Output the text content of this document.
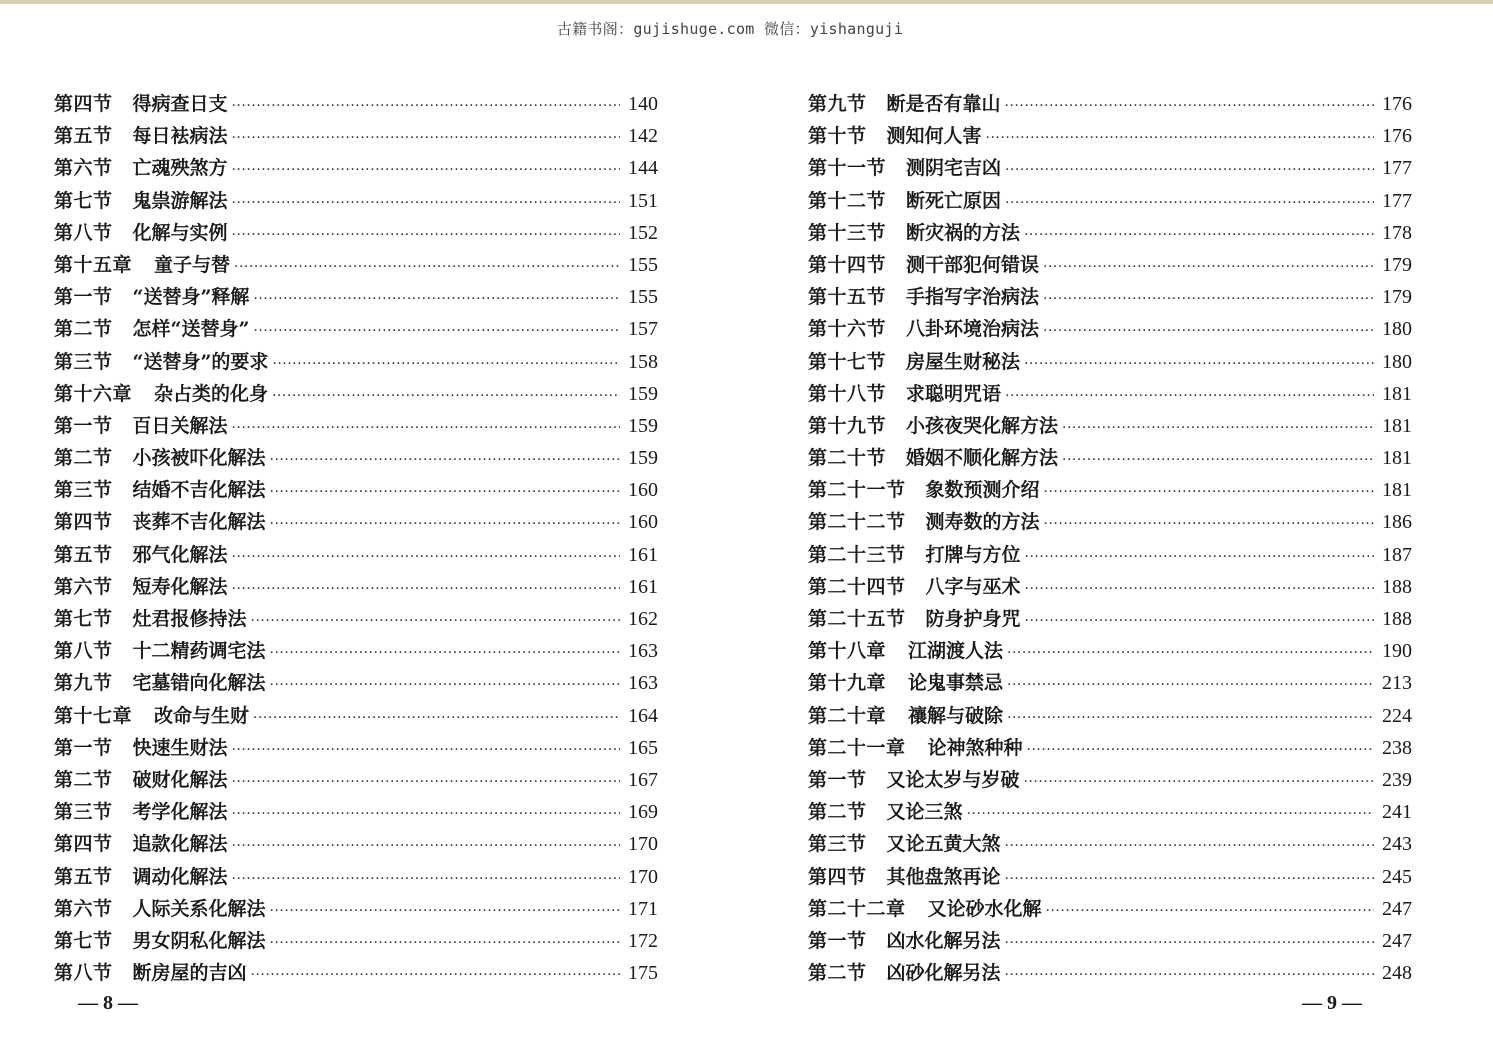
古籍书阁：gujishuge.com 微信：yishanguji
第四节 得病查日支 ·····	140
第五节 每日袪病法 ·····	142
第六节 亡魂殃煞方 ·····	144
第七节 鬼祟游解法 ·····	151
第八节 化解与实例 ·····	152
第十五章 童子与替 ·····	155
第一节 “送替身”释解 ·····	155
第二节 怎样“送替身” ·····	157
第三节 “送替身”的要求 ·····	158
第十六章 杂占类的化身 ·····	159
第一节 百日关解法 ·····	159
第二节 小孩被吓化解法 ·····	159
第三节 结婚不吉化解法 ·····	160
第四节 丧葬不吉化解法 ·····	160
第五节 邪气化解法 ·····	161
第六节 短寿化解法 ·····	161
第七节 灶君报修持法 ·····	162
第八节 十二精药调宅法 ·····	163
第九节 宅墓错向化解法 ·····	163
第十七章 改命与生财 ·····	164
第一节 快速生财法 ·····	165
第二节 破财化解法 ·····	167
第三节 考学化解法 ·····	169
第四节 追款化解法 ·····	170
第五节 调动化解法 ·····	170
第六节 人际关系化解法 ·····	171
第七节 男女阴私化解法 ·····	172
第八节 断房屋的吉凶 ·····	175
第九节 断是否有靠山 ·····	176
第十节 测知何人害 ·····	176
第十一节 测阴宅吉凶 ·····	177
第十二节 断死亡原因 ·····	177
第十三节 断灾祸的方法 ·····	178
第十四节 测干部犯何错误 ·····	179
第十五节 手指写字治病法 ·····	179
第十六节 八卦环境治病法 ·····	180
第十七节 房屋生财秘法 ·····	180
第十八节 求聪明咒语 ·····	181
第十九节 小孩夜哭化解方法 ·····	181
第二十节 婚姻不顺化解方法 ·····	181
第二十一节 象数预测介绍 ·····	181
第二十二节 测寿数的方法 ·····	186
第二十三节 打牌与方位 ·····	187
第二十四节 八字与巫术 ·····	188
第二十五节 防身护身咒 ·····	188
第十八章 江湖渡人法 ·····	190
第十九章 论鬼事禁忌 ·····	213
第二十章 禳解与破除 ·····	224
第二十一章 论神煞种种 ·····	238
第一节 又论太岁与岁破 ·····	239
第二节 又论三煞 ·····	241
第三节 又论五黄大煞 ·····	243
第四节 其他盘煞再论 ·····	245
第二十二章 又论砂水化解 ·····	247
第一节 凶水化解另法 ·····	247
第二节 凶砂化解另法 ·····	248
— 8 —	— 9 —
